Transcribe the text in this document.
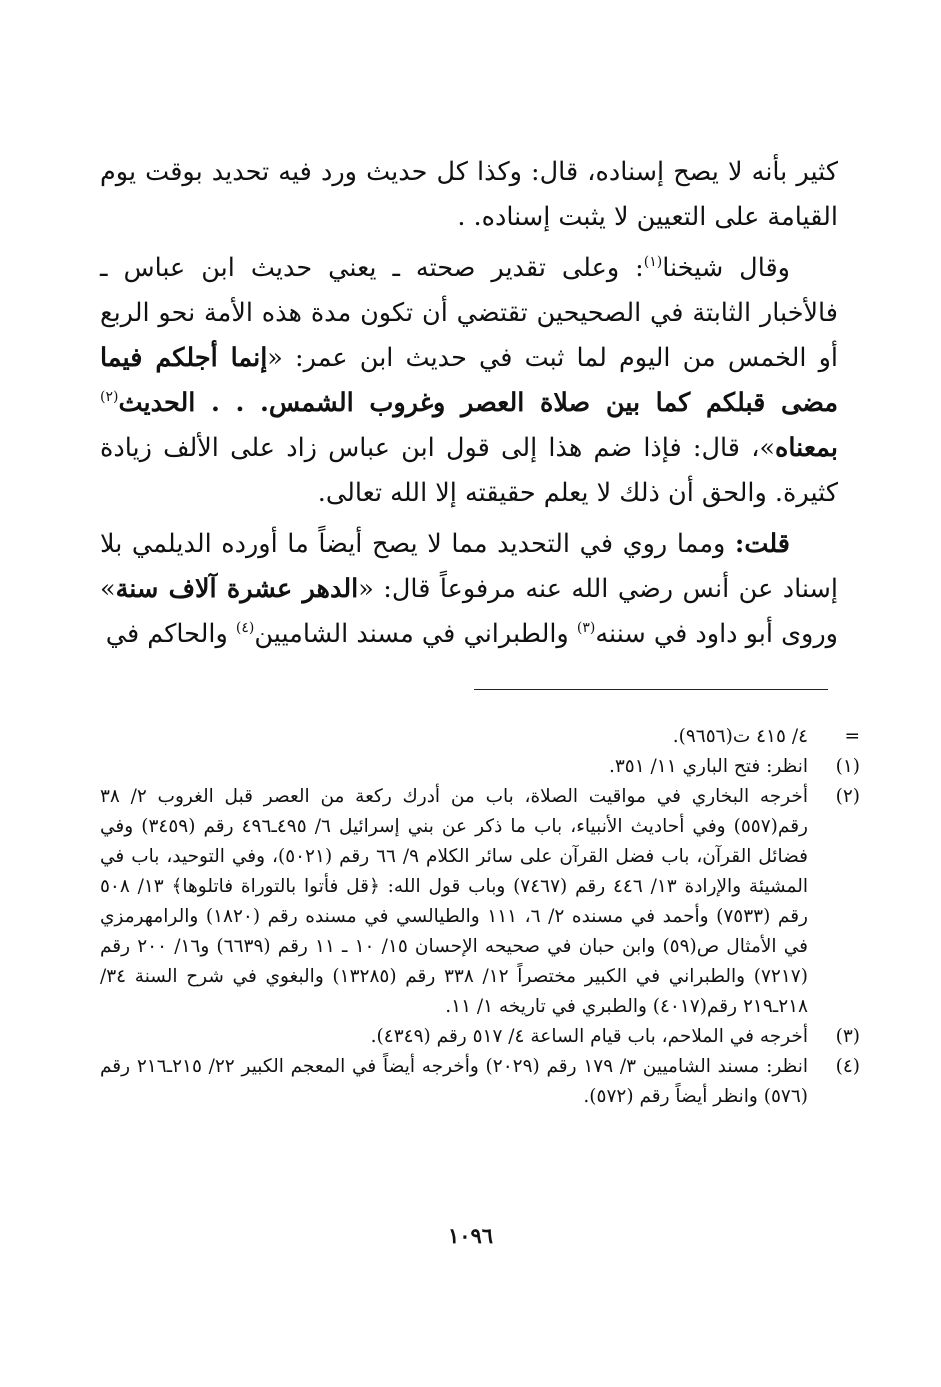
كثير بأنه لا يصح إسناده، قال: وكذا كل حديث ورد فيه تحديد بوقت يوم القيامة على التعيين لا يثبت إسناده. .

وقال شيخنا$^{(١)}$: وعلى تقدير صحته ـ يعني حديث ابن عباس ـ فالأخبار الثابتة في الصحيحين تقتضي أن تكون مدة هذه الأمة نحو الربع أو الخمس من اليوم لما ثبت في حديث ابن عمر: «إنما أجلكم فيما مضى قبلكم كما بين صلاة العصر وغروب الشمس. . . الحديث$^{(٢)}$ بمعناه»، قال: فإذا ضم هذا إلى قول ابن عباس زاد على الألف زيادة كثيرة. والحق أن ذلك لا يعلم حقيقته إلا الله تعالى.

قلت: ومما روي في التحديد مما لا يصح أيضاً ما أورده الديلمي بلا إسناد عن أنس رضي الله عنه مرفوعاً قال: «الدهر عشرة آلاف سنة» وروى أبو داود في سننه$^{(٣)}$ والطبراني في مسند الشاميين$^{(٤)}$ والحاكم في

=
٤/ ٤١٥ ت(٩٦٥٦).
(١)
انظر: فتح الباري ١١/ ٣٥١.
(٢)
أخرجه البخاري في مواقيت الصلاة، باب من أدرك ركعة من العصر قبل الغروب ٢/ ٣٨ رقم(٥٥٧) وفي أحاديث الأنبياء، باب ما ذكر عن بني إسرائيل ٦/ ٤٩٥ـ٤٩٦ رقم (٣٤٥٩) وفي فضائل القرآن، باب فضل القرآن على سائر الكلام ٩/ ٦٦ رقم (٥٠٢١)، وفي التوحيد، باب في المشيئة والإرادة ١٣/ ٤٤٦ رقم (٧٤٦٧) وباب قول الله: ﴿قل فأتوا بالتوراة فاتلوها﴾ ١٣/ ٥٠٨ رقم (٧٥٣٣) وأحمد في مسنده ٢/ ٦، ١١١ والطيالسي في مسنده رقم (١٨٢٠) والرامهرمزي في الأمثال ص(٥٩) وابن حبان في صحيحه الإحسان ١٥/ ١٠ ـ ١١ رقم (٦٦٣٩) و١٦/ ٢٠٠ رقم (٧٢١٧) والطبراني في الكبير مختصراً ١٢/ ٣٣٨ رقم (١٣٢٨٥) والبغوي في شرح السنة ٣٤/ ٢١٨ـ٢١٩ رقم(٤٠١٧) والطبري في تاريخه ١/ ١١.
(٣)
أخرجه في الملاحم، باب قيام الساعة ٤/ ٥١٧ رقم (٤٣٤٩).
(٤)
انظر: مسند الشاميين ٣/ ١٧٩ رقم (٢٠٢٩) وأخرجه أيضاً في المعجم الكبير ٢٢/ ٢١٥ـ٢١٦ رقم (٥٧٦) وانظر أيضاً رقم (٥٧٢).
١٠٩٦
